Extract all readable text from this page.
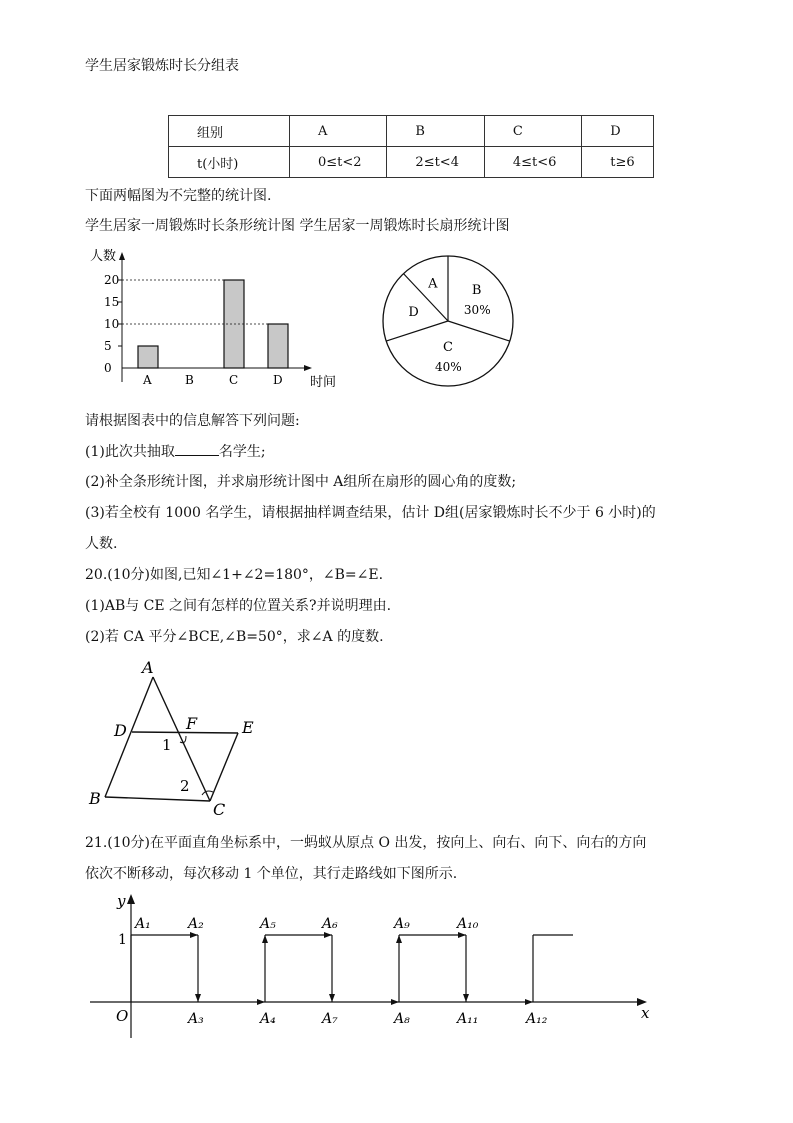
学生居家锻炼时长分组表
组别	A	B	C	D
t(小时)	0≤t<2	2≤t<4	4≤t<6	t≥6
下面两幅图为不完整的统计图.
学生居家一周锻炼时长条形统计图 学生居家一周锻炼时长扇形统计图
人数
时间
0
5
10
15
20
A	B	C	D
B
30%
C
40%
D
A
请根据图表中的信息解答下列问题:
(1)此次共抽取	名学生;
(2)补全条形统计图，并求扇形统计图中 A组所在扇形的圆心角的度数;
(3)若全校有 1000 名学生，请根据抽样调查结果，估计 D组(居家锻炼时长不少于 6 小时)的
人数.
20.(10分)如图,已知∠1+∠2=180°，∠B=∠E.
(1)AB与 CE 之间有怎样的位置关系?并说明理由.
(2)若 CA 平分∠BCE,∠B=50°，求∠A 的度数.
A
D	F	E
B
C
1
2
21.(10分)在平面直角坐标系中，一蚂蚁从原点 O 出发，按向上、向右、向下、向右的方向
依次不断移动，每次移动 1 个单位，其行走路线如下图所示.
x
y
O
1
A₁	A₂	A₅	A₆	A₉	A₁₀
A₃	A₄	A₇	A₈	A₁₁	A₁₂
